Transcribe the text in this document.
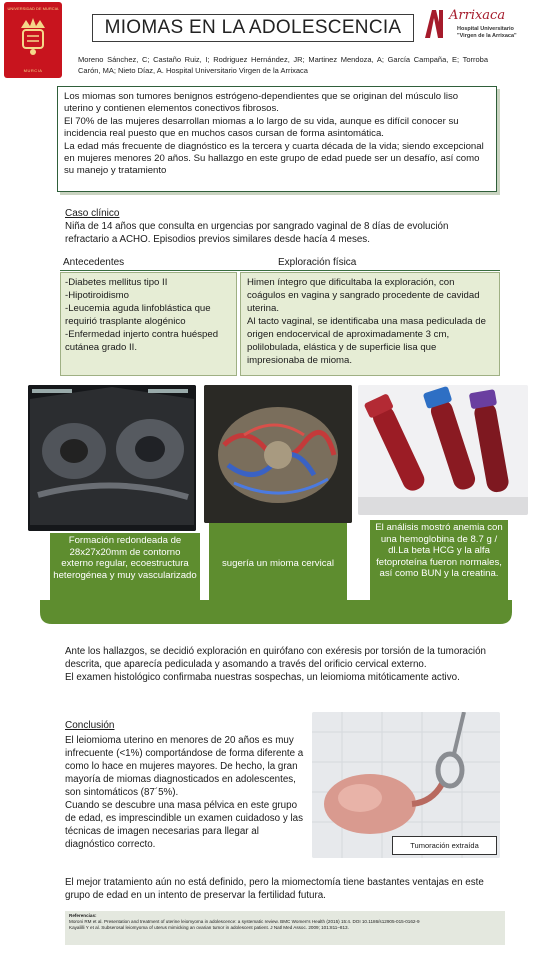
UNIVERSIDAD DE MURCIA
MURCIA
MIOMAS EN LA ADOLESCENCIA
Arrixaca
Hospital Universitario
"Virgen de la Arrixaca"
Moreno Sánchez, C; Castaño Ruiz, I; Rodriguez Hernández, JR; Martinez Mendoza, A; García Campaña, E; Torroba Carón, MA; Nieto Díaz, A. Hospital Universitario Virgen de la Arrixaca

Los miomas son tumores benignos estrógeno-dependientes que se originan del músculo liso uterino y contienen elementos conectivos fibrosos.

El 70% de las mujeres desarrollan miomas a lo largo de su vida, aunque es difícil conocer su incidencia real puesto que en muchos casos cursan de forma asintomática.

La edad más frecuente de diagnóstico es la tercera y cuarta década de la vida; siendo excepcional en mujeres menores 20 años. Su hallazgo en este grupo de edad puede ser un desafío, así como su manejo y tratamiento

Caso clínico
Niña de 14 años que consulta en urgencias por sangrado vaginal de 8 días de evolución refractario a ACHO. Episodios previos similares desde hacía 4 meses.
Antecedentes	Exploración física
-Diabetes mellitus tipo II
-Hipotiroidismo
-Leucemia aguda linfoblástica que requirió trasplante alogénico
-Enfermedad injerto contra huésped cutánea grado II.
Himen íntegro que dificultaba la exploración, con coágulos en vagina y sangrado procedente de cavidad uterina.
Al tacto vaginal, se identificaba una masa pediculada de origen endocervical de aproximadamente 3 cm, polilobulada, elástica y de superficie lisa que impresionaba de mioma.
Formación redondeada de 28x27x20mm de contorno externo regular, ecoestructura heterogénea y muy vascularizado
sugería un mioma cervical
El análisis mostró anemia con una hemoglobina de 8.7 g / dl.La beta HCG y la alfa fetoproteína fueron normales, así como BUN y la creatina.

Ante los hallazgos, se decidió exploración en quirófano con exéresis por torsión de la tumoración descrita, que aparecía pediculada y asomando a través del orificio cervical externo.

El examen histológico confirmaba nuestras sospechas, un leiomioma mitóticamente activo.

Conclusión
El leiomioma uterino en menores de 20 años es muy infrecuente (<1%) comportándose de forma diferente a como lo hace en mujeres mayores. De hecho, la gran mayoría de miomas diagnosticados en adolescentes, son sintomáticos (87´5%).
Cuando se descubre una masa pélvica en este grupo de edad, es imprescindible un examen cuidadoso y las técnicas de imagen necesarias para llegar al diagnóstico correcto.	Tumoración extraída
El mejor tratamiento aún no está definido, pero la miomectomía tiene bastantes ventajas en este grupo de edad en un intento de preservar la fertilidad futura.
Referencias:
Moroni RM et al. Presentation and treatment of uterine leiomyoma in adolescence: a systematic review. BMC Women's Health (2015) 15:4. DOI 10.1186/s12905-015-0162-9
Kayalilli Y et al. Subserosal leiomyoma of uterus mimicking an ovarian tumor in adolescent patient. J Natl Med Assoc. 2009; 101:811–813.
